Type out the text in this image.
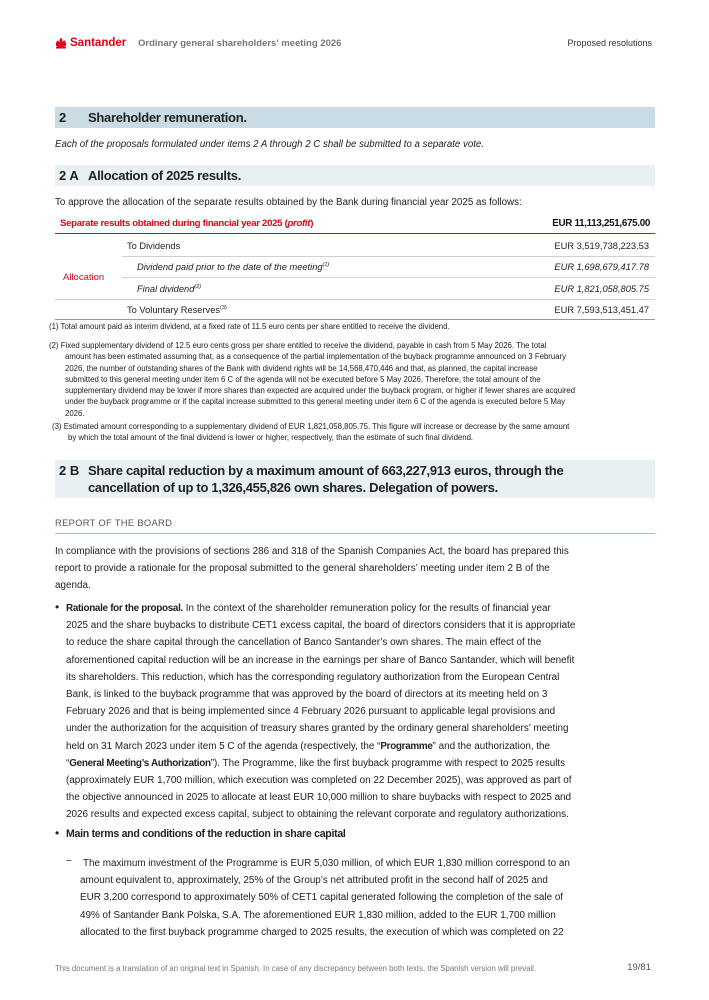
Santander Ordinary general shareholders' meeting 2026	Proposed resolutions
2 Shareholder remuneration.
Each of the proposals formulated under items 2 A through 2 C shall be submitted to a separate vote.
2 A Allocation of 2025 results.
To approve the allocation of the separate results obtained by the Bank during financial year 2025 as follows:
Separate results obtained during financial year 2025 (profit)	EUR 11,113,251,675.00
Allocation
To Dividends	EUR 3,519,738,223.53
Dividend paid prior to the date of the meeting$^{(1)}$	EUR 1,698,679,417.78
Final dividend$^{(2)}$	EUR 1,821,058,805.75
To Voluntary Reserves$^{(3)}$	EUR 7,593,513,451.47
(1) Total amount paid as interim dividend, at a fixed rate of 11.5 euro cents per share entitled to receive the dividend.
(2) Fixed supplementary dividend of 12.5 euro cents gross per share entitled to receive the dividend, payable in cash from 5 May 2026. The total
amount has been estimated assuming that, as a consequence of the partial implementation of the buyback programme announced on 3 February
2026, the number of outstanding shares of the Bank with dividend rights will be 14,568,470,446 and that, as planned, the capital increase
submitted to this general meeting under item 6 C of the agenda will not be executed before 5 May 2026. Therefore, the total amount of the
supplementary dividend may be lower if more shares than expected are acquired under the buyback program, or higher if fewer shares are acquired
under the buyback programme or if the capital increase submitted to this general meeting under item 6 C of the agenda is executed before 5 May
2026.
(3) Estimated amount corresponding to a supplementary dividend of EUR 1,821,058,805.75. This figure will increase or decrease by the same amount
by which the total amount of the final dividend is lower or higher, respectively, than the estimate of such final dividend.
2 B Share capital reduction by a maximum amount of 663,227,913 euros, through the
cancellation of up to 1,326,455,826 own shares. Delegation of powers.
REPORT OF THE BOARD
In compliance with the provisions of sections 286 and 318 of the Spanish Companies Act, the board has prepared this
report to provide a rationale for the proposal submitted to the general shareholders’ meeting under item 2 B of the
agenda.
• Rationale for the proposal. In the context of the shareholder remuneration policy for the results of financial year
2025 and the share buybacks to distribute CET1 excess capital, the board of directors considers that it is appropriate
to reduce the share capital through the cancellation of Banco Santander’s own shares. The main effect of the
aforementioned capital reduction will be an increase in the earnings per share of Banco Santander, which will benefit
its shareholders. This reduction, which has the corresponding regulatory authorization from the European Central
Bank, is linked to the buyback programme that was approved by the board of directors at its meeting held on 3
February 2026 and that is being implemented since 4 February 2026 pursuant to applicable legal provisions and
under the authorization for the acquisition of treasury shares granted by the ordinary general shareholders’ meeting
held on 31 March 2023 under item 5 C of the agenda (respectively, the “Programme” and the authorization, the
“General Meeting’s Authorization”). The Programme, like the first buyback programme with respect to 2025 results
(approximately EUR 1,700 million, which execution was completed on 22 December 2025), was approved as part of
the objective announced in 2025 to allocate at least EUR 10,000 million to share buybacks with respect to 2025 and
2026 results and expected excess capital, subject to obtaining the relevant corporate and regulatory authorizations.
• Main terms and conditions of the reduction in share capital
–	The maximum investment of the Programme is EUR 5,030 million, of which EUR 1,830 million correspond to an
amount equivalent to, approximately, 25% of the Group’s net attributed profit in the second half of 2025 and
EUR 3,200 correspond to approximately 50% of CET1 capital generated following the completion of the sale of
49% of Santander Bank Polska, S.A. The aforementioned EUR 1,830 million, added to the EUR 1,700 million
allocated to the first buyback programme charged to 2025 results, the execution of which was completed on 22
This document is a translation of an original text in Spanish. In case of any discrepancy between both texts, the Spanish version will prevail.	19/81
